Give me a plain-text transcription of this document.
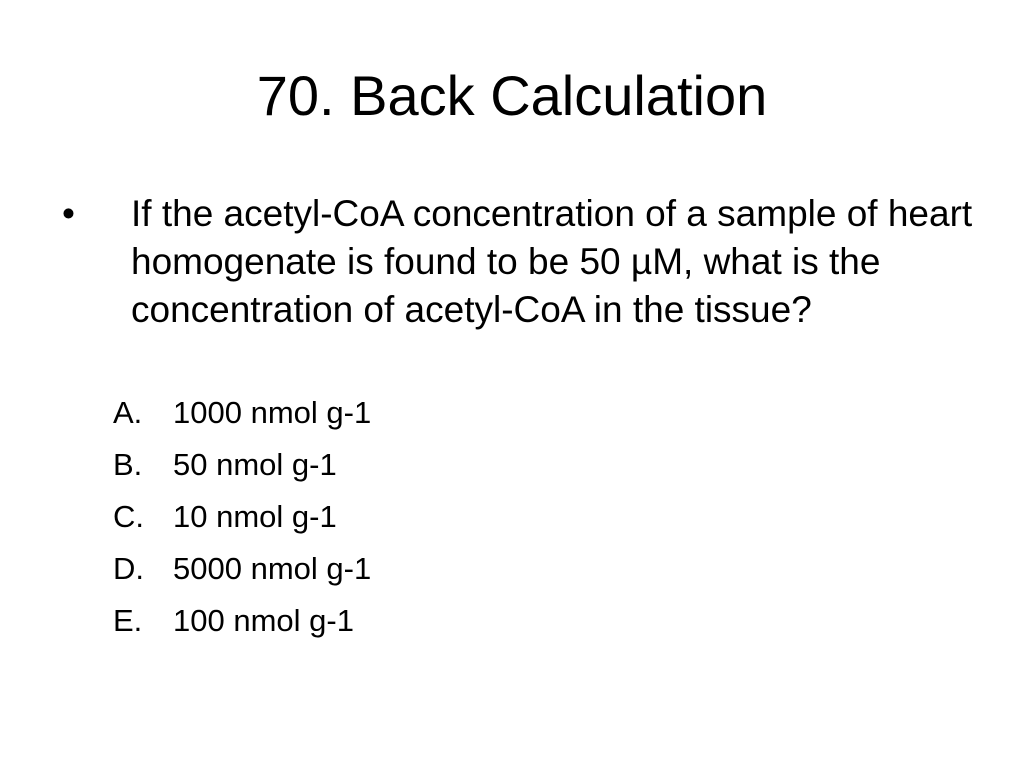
70. Back Calculation
• If the acetyl-CoA concentration of a sample of heart homogenate is found to be 50 µM, what is the concentration of acetyl-CoA in the tissue?
A. 1000 nmol g-1
B. 50 nmol g-1
C. 10 nmol g-1
D. 5000 nmol g-1
E. 100 nmol g-1
